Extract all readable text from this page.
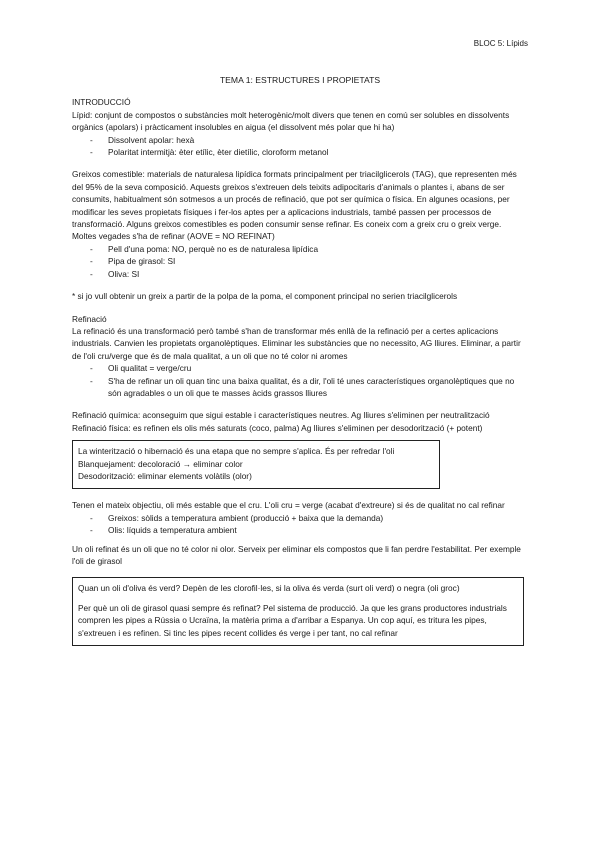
BLOC 5: Lípids
TEMA 1: ESTRUCTURES I PROPIETATS

INTRODUCCIÓ

Lípid: conjunt de compostos o substàncies molt heterogènic/molt divers que tenen en comú ser solubles en dissolvents orgànics (apolars) i pràcticament insolubles en aigua (el dissolvent més polar que hi ha)

- Dissolvent apolar: hexà
- Polaritat intermitjà: èter etílic, èter dietílic, cloroform metanol

Greixos comestible: materials de naturalesa lipídica formats principalment per triacilglicerols (TAG), que representen més del 95% de la seva composició. Aquests greixos s'extreuen dels teixits adipocitaris d'animals o plantes i, abans de ser consumits, habitualment són sotmesos a un procés de refinació, que pot ser química o física. En algunes ocasions, per modificar les seves propietats físiques i fer-los aptes per a aplicacions industrials, també passen per processos de transformació. Alguns greixos comestibles es poden consumir sense refinar. Es coneix com a greix cru o greix verge. Moltes vegades s'ha de refinar (AOVE = NO REFINAT)

- Pell d'una poma: NO, perquè no es de naturalesa lipídica
- Pipa de girasol: SI
- Oliva: SI

* si jo vull obtenir un greix a partir de la polpa de la poma, el component principal no serien triacilglicerols

Refinació

La refinació és una transformació però també s'han de transformar més enllà de la refinació per a certes aplicacions industrials. Canvien les propietats organolèptiques. Eliminar les substàncies que no necessito, AG lliures. Eliminar, a partir de l'oli cru/verge que és de mala qualitat, a un oli que no té color ni aromes

- Oli qualitat = verge/cru
- S'ha de refinar un oli quan tinc una baixa qualitat, és a dir, l'oli té unes característiques organolèptiques que no són agradables o un oli que te masses àcids grassos lliures

Refinació química: aconseguim que sigui estable i característiques neutres. Ag lliures s'eliminen per neutralització

Refinació física: es refinen els olis més saturats (coco, palma) Ag lliures s'eliminen per desodorització (+ potent)

La winterització o hibernació és una etapa que no sempre s'aplica. És per refredar l'oli

Blanquejament: decoloració → eliminar color

Desodorització: eliminar elements volàtils (olor)

Tenen el mateix objectiu, oli més estable que el cru. L'oli cru = verge (acabat d'extreure) si és de qualitat no cal refinar

- Greixos: sòlids a temperatura ambient (producció + baixa que la demanda)
- Olis: líquids a temperatura ambient

Un oli refinat és un oli que no té color ni olor. Serveix per eliminar els compostos que li fan perdre l'estabilitat. Per exemple l'oli de girasol

Quan un oli d'oliva és verd? Depèn de les clorofil·les, si la oliva és verda (surt oli verd) o negra (oli groc)

Per què un oli de girasol quasi sempre és refinat? Pel sistema de producció. Ja que les grans productores industrials compren les pipes a Rússia o Ucraïna, la matèria prima a d'arribar a Espanya. Un cop aquí, es tritura les pipes, s'extreuen i es refinen. Si tinc les pipes recent collides és verge i per tant, no cal refinar
